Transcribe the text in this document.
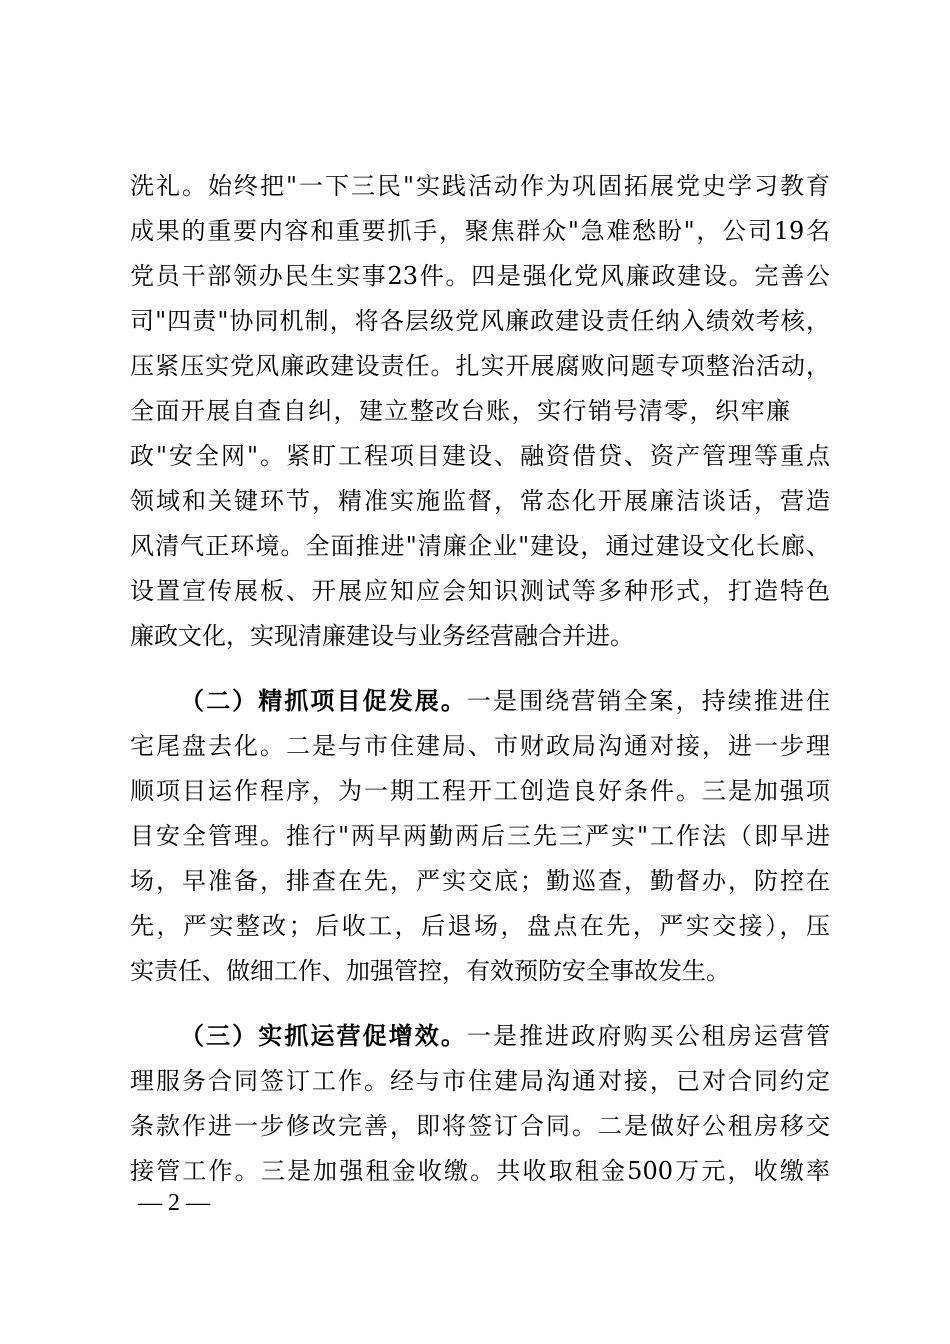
洗礼。始终把"一下三民"实践活动作为巩固拓展党史学习教育
成果的重要内容和重要抓手，聚焦群众"急难愁盼"，公司19名
党员干部领办民生实事23件。四是强化党风廉政建设。完善公
司"四责"协同机制，将各层级党风廉政建设责任纳入绩效考核，
压紧压实党风廉政建设责任。扎实开展腐败问题专项整治活动，
全面开展自查自纠，建立整改台账，实行销号清零，织牢廉
政"安全网"。紧盯工程项目建设、融资借贷、资产管理等重点
领域和关键环节，精准实施监督，常态化开展廉洁谈话，营造
风清气正环境。全面推进"清廉企业"建设，通过建设文化长廊、
设置宣传展板、开展应知应会知识测试等多种形式，打造特色
廉政文化，实现清廉建设与业务经营融合并进。
（二）精抓项目促发展。一是围绕营销全案，持续推进住
宅尾盘去化。二是与市住建局、市财政局沟通对接，进一步理
顺项目运作程序，为一期工程开工创造良好条件。三是加强项
目安全管理。推行"两早两勤两后三先三严实"工作法（即早进
场，早准备，排查在先，严实交底；勤巡查，勤督办，防控在
先，严实整改；后收工，后退场，盘点在先，严实交接），压
实责任、做细工作、加强管控，有效预防安全事故发生。
（三）实抓运营促增效。一是推进政府购买公租房运营管
理服务合同签订工作。经与市住建局沟通对接，已对合同约定
条款作进一步修改完善，即将签订合同。二是做好公租房移交
接管工作。三是加强租金收缴。共收取租金500万元，收缴率
— 2 —
